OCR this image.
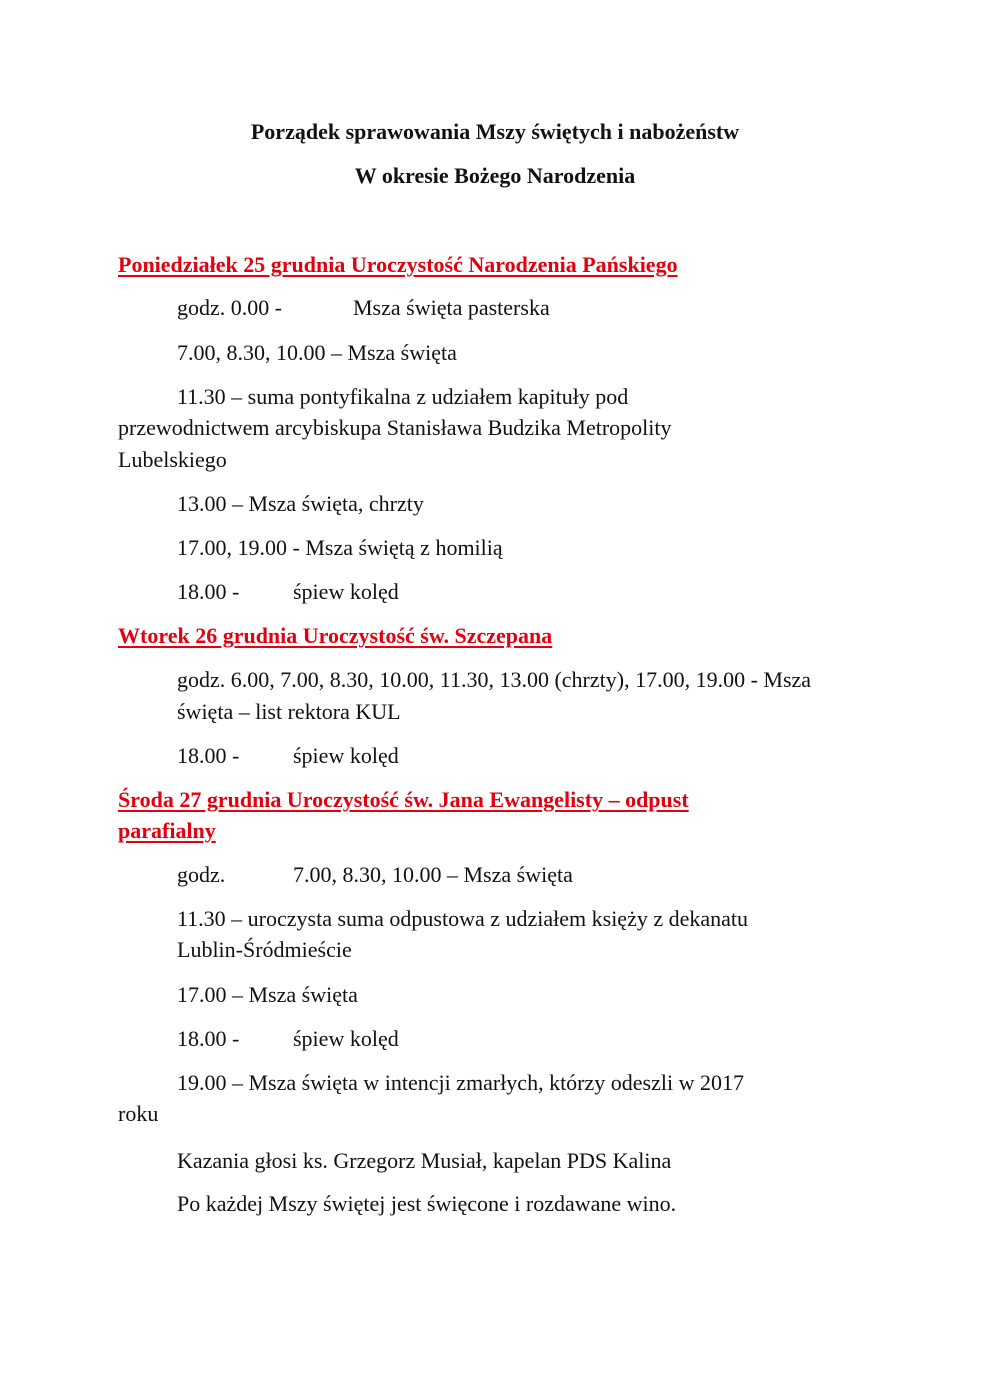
Porządek sprawowania Mszy świętych i nabożeństw
W okresie Bożego Narodzenia
Poniedziałek 25 grudnia Uroczystość Narodzenia Pańskiego
godz. 0.00 -	Msza święta pasterska
7.00, 8.30, 10.00 – Msza święta
11.30 – suma pontyfikalna z udziałem kapituły pod
przewodnictwem arcybiskupa Stanisława Budzika Metropolity
Lubelskiego
13.00 – Msza święta, chrzty
17.00, 19.00 - Msza świętą z homilią
18.00 - śpiew kolęd
Wtorek 26 grudnia Uroczystość św. Szczepana
godz. 6.00, 7.00, 8.30, 10.00, 11.30, 13.00 (chrzty), 17.00, 19.00 - Msza
święta – list rektora KUL
18.00 - śpiew kolęd
Środa 27 grudnia Uroczystość św. Jana Ewangelisty – odpust
parafialny
godz.	7.00, 8.30, 10.00 – Msza święta
11.30 – uroczysta suma odpustowa z udziałem księży z dekanatu
Lublin-Śródmieście
17.00 – Msza święta
18.00 - śpiew kolęd
19.00 – Msza święta w intencji zmarłych, którzy odeszli w 2017
roku
Kazania głosi ks. Grzegorz Musiał, kapelan PDS Kalina
Po każdej Mszy świętej jest święcone i rozdawane wino.
